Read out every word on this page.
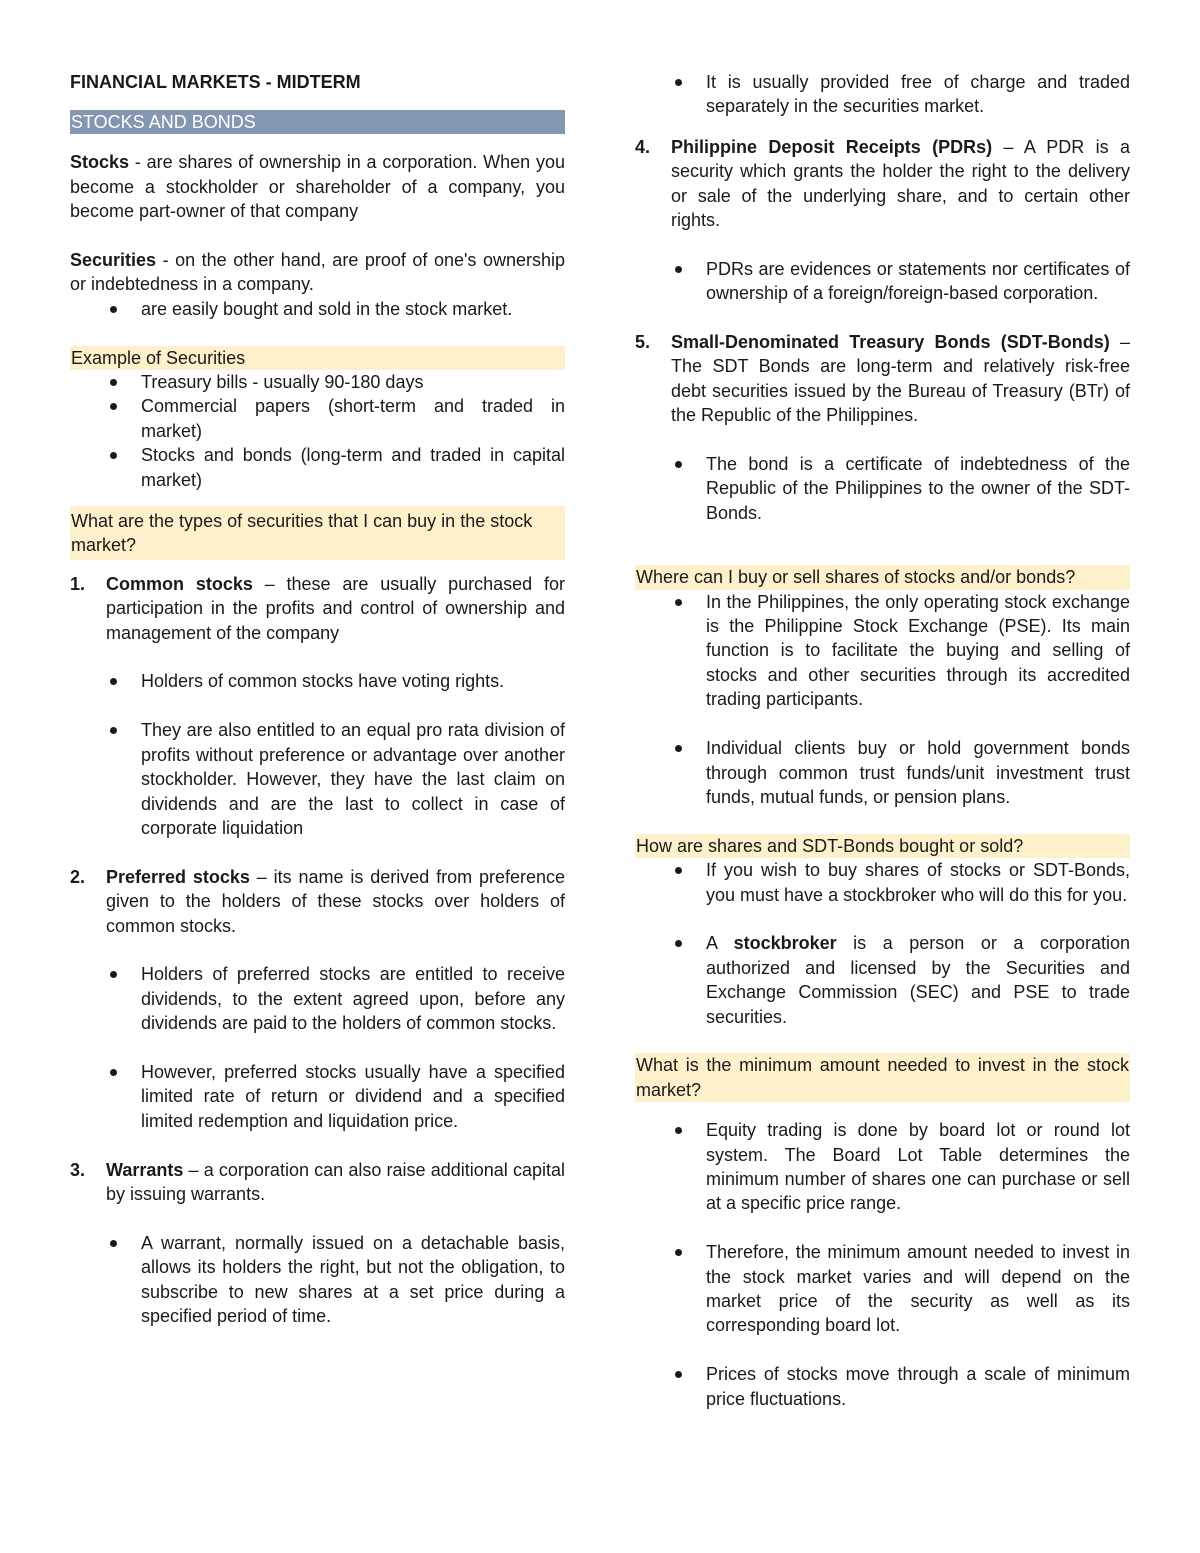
FINANCIAL MARKETS - MIDTERM

STOCKS AND BONDS

Stocks - are shares of ownership in a corporation. When you become a stockholder or shareholder of a company, you become part-owner of that company

Securities - on the other hand, are proof of one's ownership or indebtedness in a company.

are easily bought and sold in the stock market.

Example of Securities

Treasury bills - usually 90-180 days
Commercial papers (short-term and traded in market)
Stocks and bonds (long-term and traded in capital market)
What are the types of securities that I can buy in the stock
market?
1. Common stocks – these are usually purchased for participation in the profits and control of ownership and management of the company
Holders of common stocks have voting rights.
They are also entitled to an equal pro rata division of profits without preference or advantage over another stockholder. However, they have the last claim on dividends and are the last to collect in case of corporate liquidation
2. Preferred stocks – its name is derived from preference given to the holders of these stocks over holders of common stocks.
Holders of preferred stocks are entitled to receive dividends, to the extent agreed upon, before any dividends are paid to the holders of common stocks.
However, preferred stocks usually have a specified limited rate of return or dividend and a specified limited redemption and liquidation price.
3. Warrants – a corporation can also raise additional capital by issuing warrants.
A warrant, normally issued on a detachable basis, allows its holders the right, but not the obligation, to subscribe to new shares at a set price during a specified period of time.
It is usually provided free of charge and traded separately in the securities market.
4. Philippine Deposit Receipts (PDRs) – A PDR is a security which grants the holder the right to the delivery or sale of the underlying share, and to certain other rights.
PDRs are evidences or statements nor certificates of ownership of a foreign/foreign-based corporation.
5. Small-Denominated Treasury Bonds (SDT-Bonds) – The SDT Bonds are long-term and relatively risk-free debt securities issued by the Bureau of Treasury (BTr) of the Republic of the Philippines.
The bond is a certificate of indebtedness of the Republic of the Philippines to the owner of the SDT-Bonds.

Where can I buy or sell shares of stocks and/or bonds?

In the Philippines, the only operating stock exchange is the Philippine Stock Exchange (PSE). Its main function is to facilitate the buying and selling of stocks and other securities through its accredited trading participants.
Individual clients buy or hold government bonds through common trust funds/unit investment trust funds, mutual funds, or pension plans.

How are shares and SDT-Bonds bought or sold?

If you wish to buy shares of stocks or SDT-Bonds, you must have a stockbroker who will do this for you.
A stockbroker is a person or a corporation authorized and licensed by the Securities and Exchange Commission (SEC) and PSE to trade securities.

What is the minimum amount needed to invest in the stock market?

Equity trading is done by board lot or round lot system. The Board Lot Table determines the minimum number of shares one can purchase or sell at a specific price range.
Therefore, the minimum amount needed to invest in the stock market varies and will depend on the market price of the security as well as its corresponding board lot.
Prices of stocks move through a scale of minimum price fluctuations.
